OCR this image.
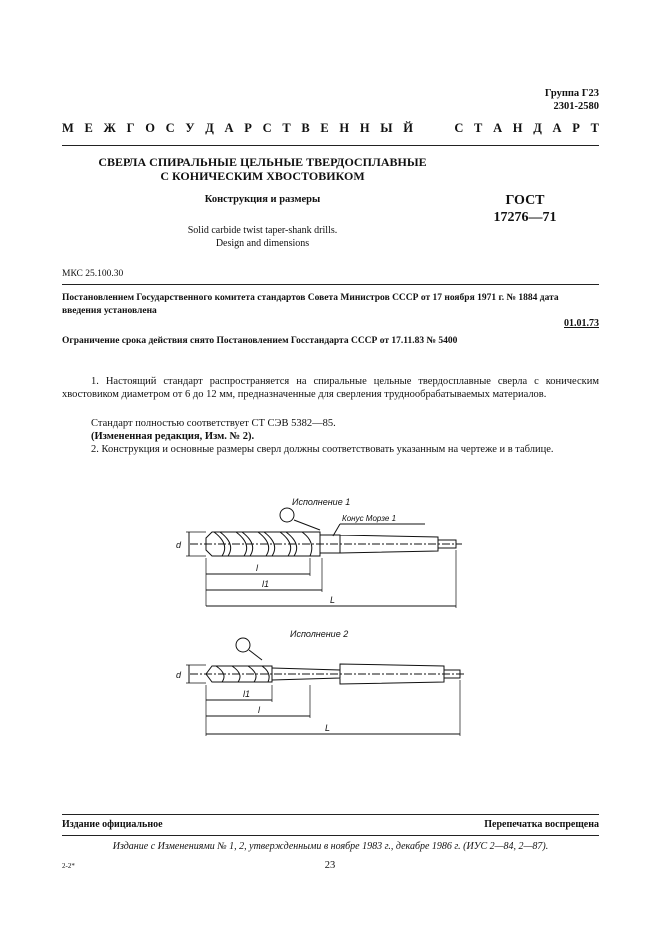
Группа Г23
2301-2580
М Е Ж Г О С У Д А Р С Т В Е Н Н Ы Й	С Т А Н Д А Р Т
СВЕРЛА СПИРАЛЬНЫЕ ЦЕЛЬНЫЕ ТВЕРДОСПЛАВНЫЕ
С КОНИЧЕСКИМ ХВОСТОВИКОМ
Конструкция и размеры	ГОСТ
17276—71
Solid carbide twist taper-shank drills.
Design and dimensions
МКС 25.100.30
Постановлением Государственного комитета стандартов Совета Министров СССР от 17 ноября 1971 г. № 1884 дата введения установлена
01.01.73
Ограничение срока действия снято Постановлением Госстандарта СССР от 17.11.83 № 5400
1. Настоящий стандарт распространяется на спиральные цельные твердосплавные сверла с коническим хвостовиком диаметром от 6 до 12 мм, предназначенные для сверления труднообрабатываемых материалов.
Стандарт полностью соответствует СТ СЭВ 5382—85.
(Измененная редакция, Изм. № 2).
2. Конструкция и основные размеры сверл должны соответствовать указанным на чертеже и в таблице.
Исполнение 1
Конус Морзе 1
d
l
l1
L
Исполнение 2
d
l1
l
L
Издание официальное	Перепечатка воспрещена
Издание с Изменениями № 1, 2, утвержденными в ноябре 1983 г., декабре 1986 г. (ИУС 2—84, 2—87).
2-2*	23
